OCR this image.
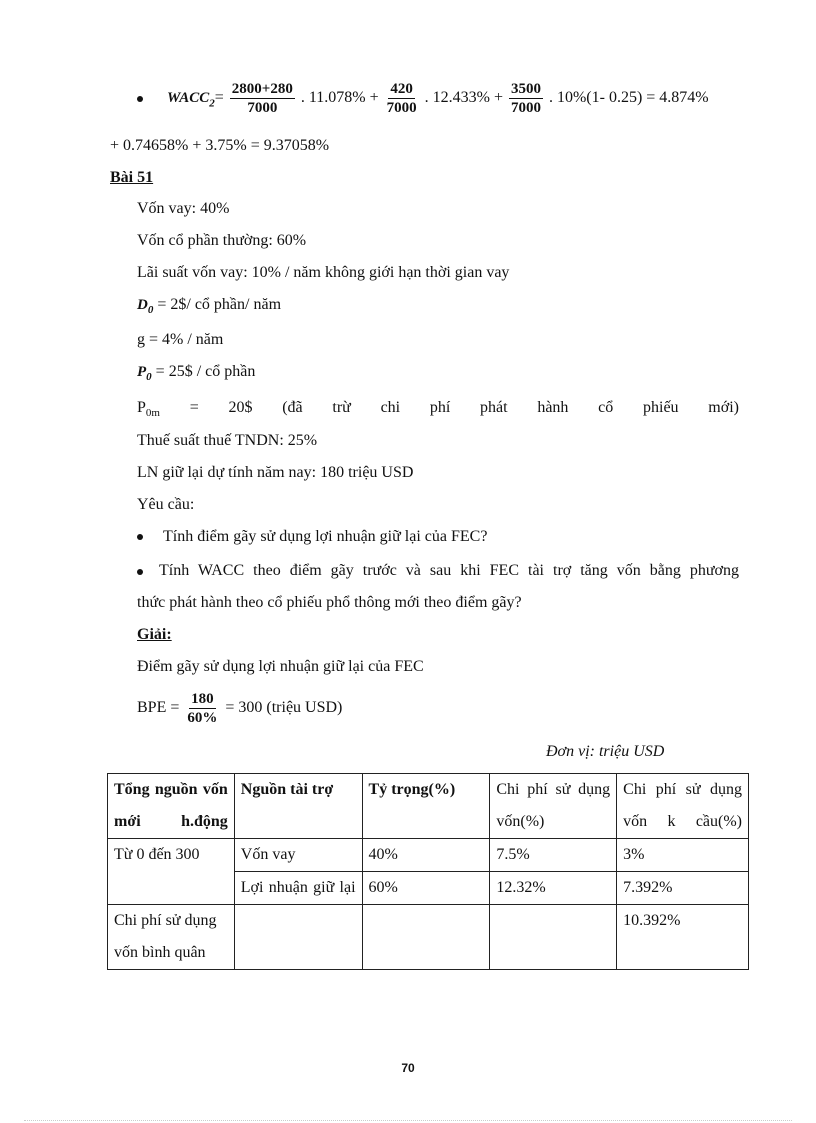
$WACC_2= \frac{2800+280}{7000}$ . $11.078\% + \frac{420}{7000}$ . $12.433\% + \frac{3500}{7000}$ . 10%(1- 0.25) = 4.874%
+ 0.74658% + 3.75% = 9.37058%
Bài 51
Vốn vay: 40%
Vốn cổ phần thường: 60%
Lãi suất vốn vay: 10% / năm không giới hạn thời gian vay
$D_0$ = 2$/ cổ phần/ năm
g = 4% / năm
$P_0$ = 25$ / cổ phần
$P_{0m}$ = 20$ (đã trừ chi phí phát hành cổ phiếu mới)
Thuế suất thuế TNDN: 25%
LN giữ lại dự tính năm nay: 180 triệu USD
Yêu cầu:
Tính điểm gãy sử dụng lợi nhuận giữ lại của FEC?
Tính WACC theo điểm gãy trước và sau khi FEC tài trợ tăng vốn bằng phương
thức phát hành theo cổ phiếu phổ thông mới theo điểm gãy?
Giải:
Điểm gãy sử dụng lợi nhuận giữ lại của FEC
BPE = $\frac{180}{60\%} = 300$ (triệu USD)
Đơn vị: triệu USD
Tổng nguồn vốn mới h.động	Nguồn tài trợ	Tỷ trọng(%)	Chi phí sử dụng vốn(%)	Chi phí sử dụng vốn k cầu(%)
Từ 0 đến 300	Vốn vay	40%	7.5%	3%
	Lợi nhuận giữ lại	60%	12.32%	7.392%
Chi phí sử dụng vốn bình quân				10.392%
70
